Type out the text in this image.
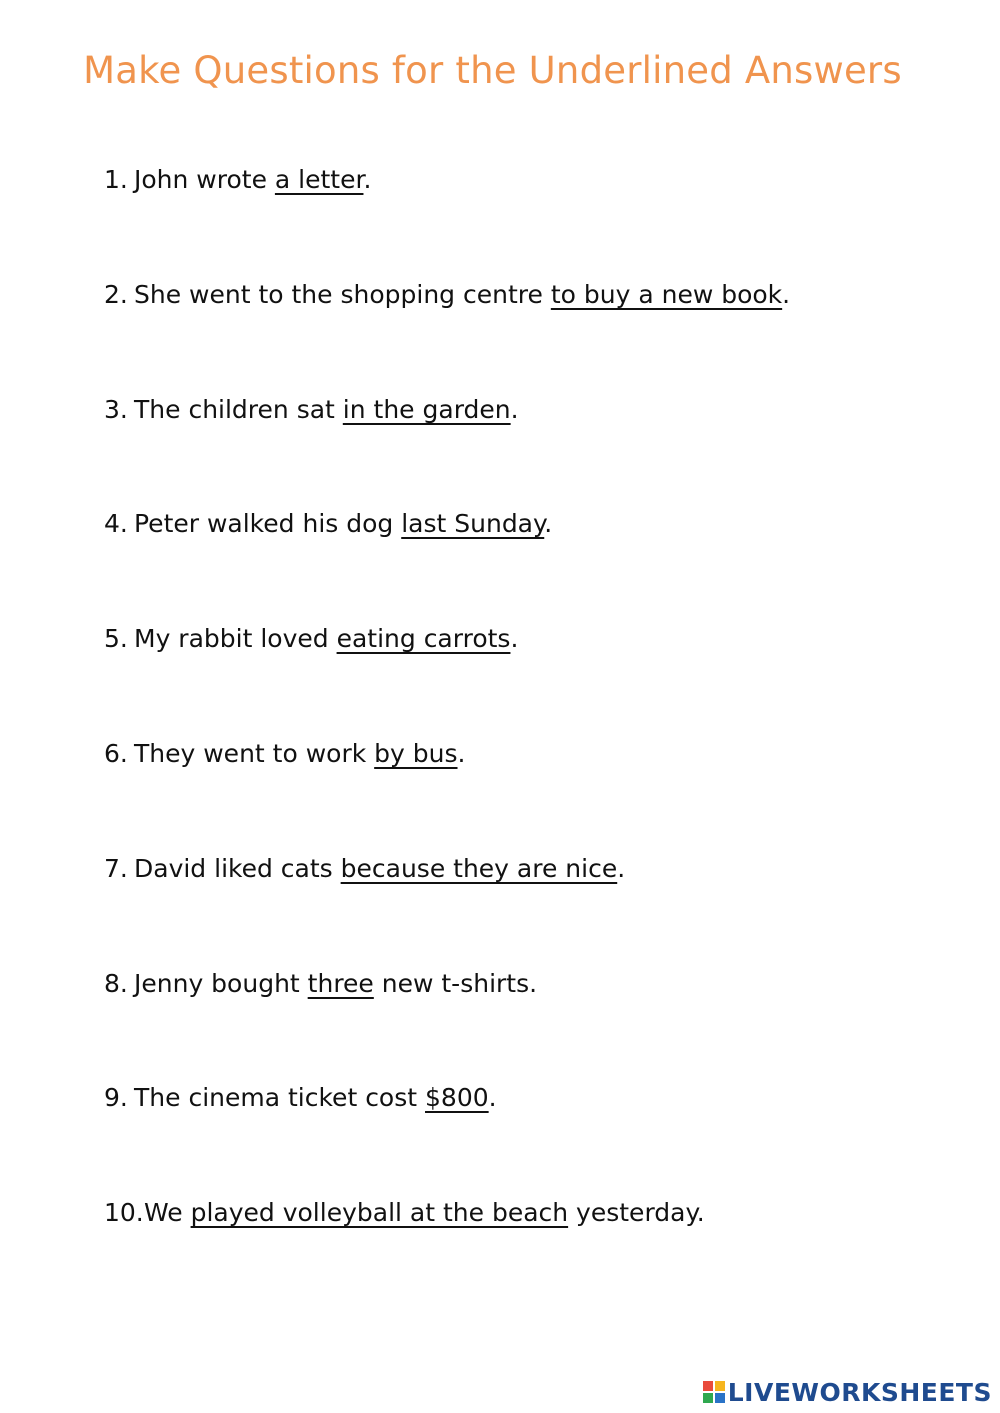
Make Questions for the Underlined Answers
1. John wrote a letter.
2. She went to the shopping centre to buy a new book.
3. The children sat in the garden.
4. Peter walked his dog last Sunday.
5. My rabbit loved eating carrots.
6. They went to work by bus.
7. David liked cats because they are nice.
8. Jenny bought three new t-shirts.
9. The cinema ticket cost $800.
10.We played volleyball at the beach yesterday.
LIVEWORKSHEETS
